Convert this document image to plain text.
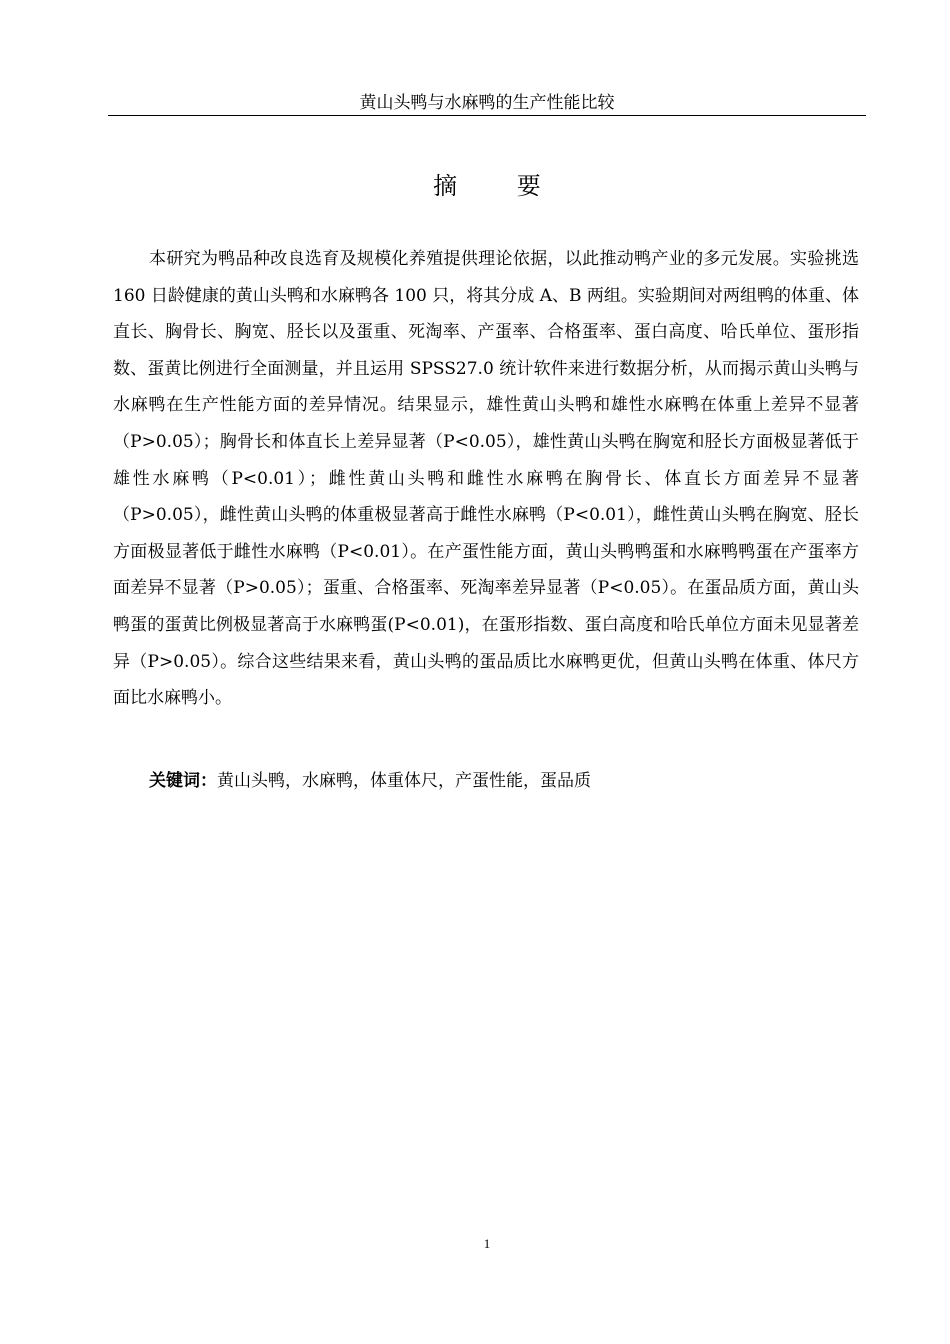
黄山头鸭与水麻鸭的生产性能比较
摘 要

本研究为鸭品种改良选育及规模化养殖提供理论依据，以此推动鸭产业的多元发展。实验挑选 160 日龄健康的黄山头鸭和水麻鸭各 100 只，将其分成 A、B 两组。实验期间对两组鸭的体重、体直长、胸骨长、胸宽、胫长以及蛋重、死淘率、产蛋率、合格蛋率、蛋白高度、哈氏单位、蛋形指数、蛋黄比例进行全面测量，并且运用 SPSS27.0 统计软件来进行数据分析，从而揭示黄山头鸭与水麻鸭在生产性能方面的差异情况。结果显示，雄性黄山头鸭和雄性水麻鸭在体重上差异不显著（P>0.05）；胸骨长和体直长上差异显著（P<0.05），雄性黄山头鸭在胸宽和胫长方面极显著低于雄性水麻鸭（P<0.01）；雌性黄山头鸭和雌性水麻鸭在胸骨长、体直长方面差异不显著（P>0.05），雌性黄山头鸭的体重极显著高于雌性水麻鸭（P<0.01），雌性黄山头鸭在胸宽、胫长方面极显著低于雌性水麻鸭（P<0.01）。在产蛋性能方面，黄山头鸭鸭蛋和水麻鸭鸭蛋在产蛋率方面差异不显著（P>0.05）；蛋重、合格蛋率、死淘率差异显著（P<0.05）。在蛋品质方面，黄山头鸭蛋的蛋黄比例极显著高于水麻鸭蛋(P<0.01)，在蛋形指数、蛋白高度和哈氏单位方面未见显著差异（P>0.05）。综合这些结果来看，黄山头鸭的蛋品质比水麻鸭更优，但黄山头鸭在体重、体尺方面比水麻鸭小。

关键词：黄山头鸭，水麻鸭，体重体尺，产蛋性能，蛋品质

1
